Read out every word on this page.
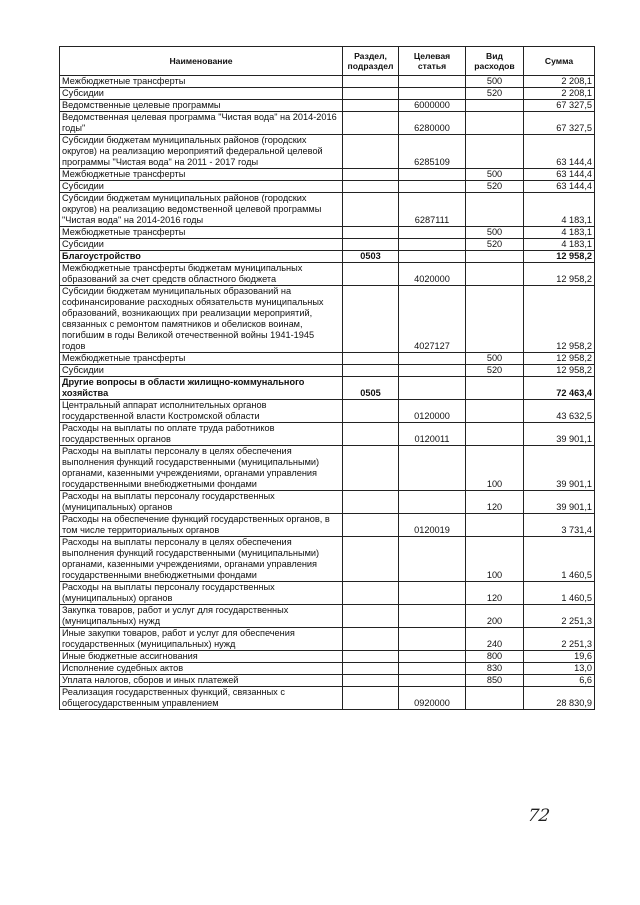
Наименование	Раздел, подраздел	Целевая статья	Вид расходов	Сумма
Межбюджетные трансферты			500	2 208,1
Субсидии			520	2 208,1
Ведомственные целевые программы		6000000		67 327,5
Ведомственная целевая программа "Чистая вода" на 2014-2016 годы"		6280000		67 327,5
Субсидии бюджетам муниципальных районов (городских округов) на реализацию мероприятий федеральной целевой программы "Чистая вода" на 2011 - 2017 годы		6285109		63 144,4
Межбюджетные трансферты			500	63 144,4
Субсидии			520	63 144,4
Субсидии бюджетам муниципальных районов (городских округов) на реализацию ведомственной целевой программы "Чистая вода" на 2014-2016 годы		6287111		4 183,1
Межбюджетные трансферты			500	4 183,1
Субсидии			520	4 183,1
Благоустройство	0503			12 958,2
Межбюджетные трансферты бюджетам муниципальных образований за счет средств областного бюджета		4020000		12 958,2
Субсидии бюджетам муниципальных образований на софинансирование расходных обязательств муниципальных образований, возникающих при реализации мероприятий, связанных с ремонтом памятников и обелисков воинам, погибшим в годы Великой отечественной войны 1941-1945 годов		4027127		12 958,2
Межбюджетные трансферты			500	12 958,2
Субсидии			520	12 958,2
Другие вопросы в области жилищно-коммунального хозяйства	0505			72 463,4
Центральный аппарат исполнительных органов государственной власти Костромской области		0120000		43 632,5
Расходы на выплаты по оплате труда работников государственных органов		0120011		39 901,1
Расходы на выплаты персоналу в целях обеспечения выполнения функций государственными (муниципальными) органами, казенными учреждениями, органами управления государственными внебюджетными фондами			100	39 901,1
Расходы на выплаты персоналу государственных (муниципальных) органов			120	39 901,1
Расходы на обеспечение функций государственных органов, в том числе территориальных органов		0120019		3 731,4
Расходы на выплаты персоналу в целях обеспечения выполнения функций государственными (муниципальными) органами, казенными учреждениями, органами управления государственными внебюджетными фондами			100	1 460,5
Расходы на выплаты персоналу государственных (муниципальных) органов			120	1 460,5
Закупка товаров, работ и услуг для государственных (муниципальных) нужд			200	2 251,3
Иные закупки товаров, работ и услуг для обеспечения государственных (муниципальных) нужд			240	2 251,3
Иные бюджетные ассигнования			800	19,6
Исполнение судебных актов			830	13,0
Уплата налогов, сборов и иных платежей			850	6,6
Реализация государственных функций, связанных с общегосударственным управлением		0920000		28 830,9
72
